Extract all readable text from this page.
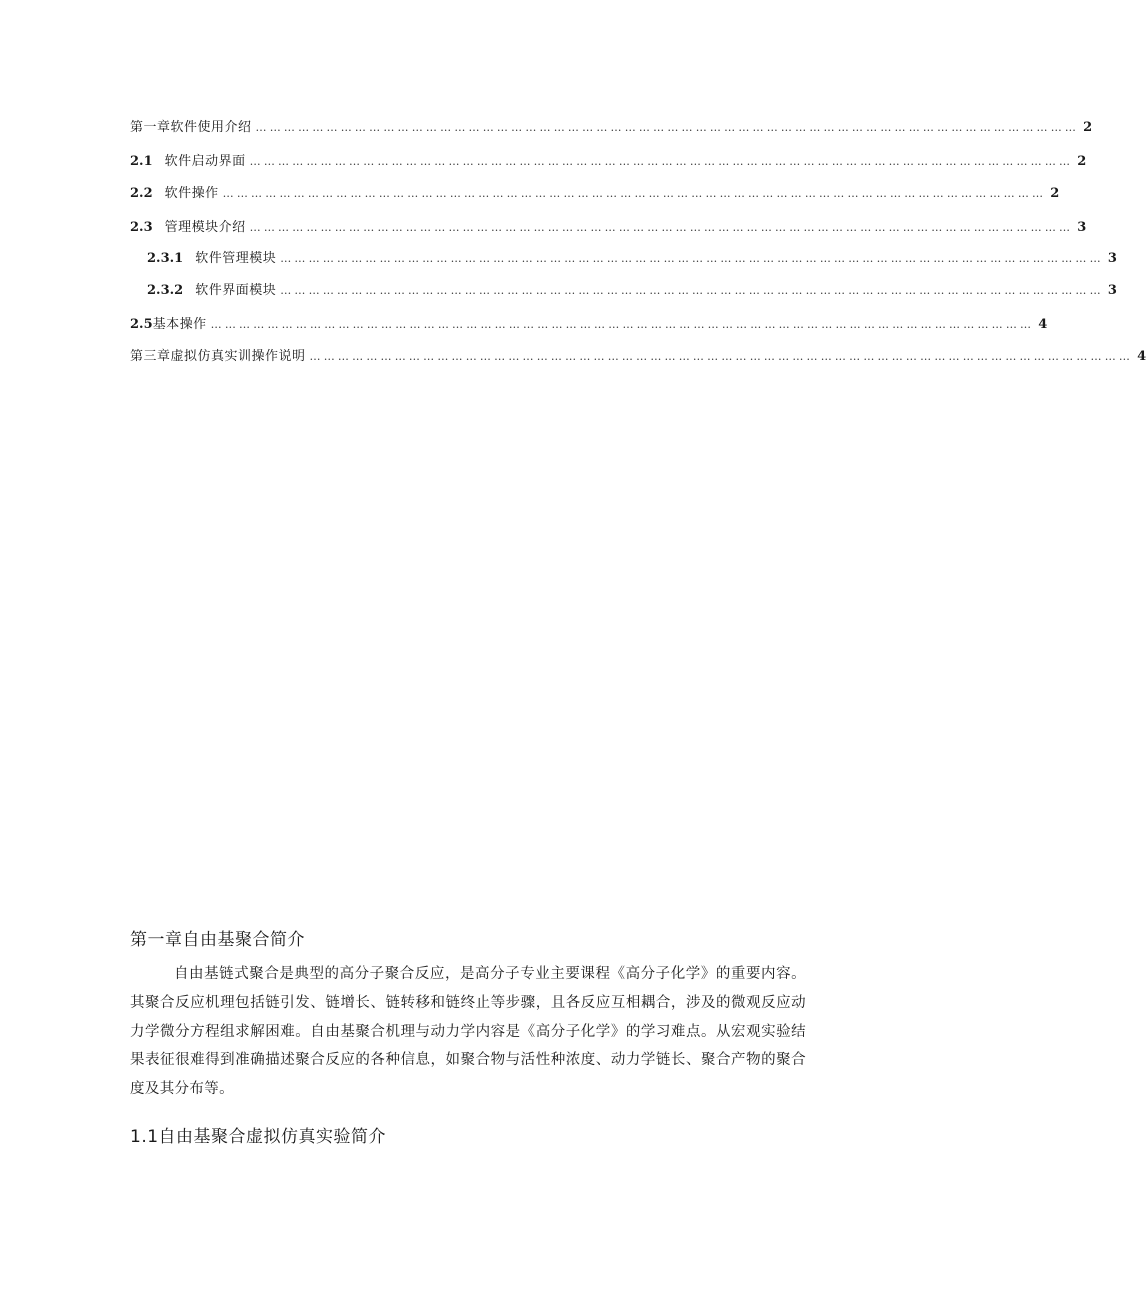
第一章软件使用介绍 ………………………………………………………………………………………………………………………………………………………… 2
2.1 软件启动界面 ………………………………………………………………………………………………………………………………………………………… 2
2.2 软件操作 ………………………………………………………………………………………………………………………………………………………… 2
2.3 管理模块介绍 ………………………………………………………………………………………………………………………………………………………… 3
2.3.1 软件管理模块 ………………………………………………………………………………………………………………………………………………………… 3
2.3.2 软件界面模块 ………………………………………………………………………………………………………………………………………………………… 3
2.5 基本操作 ………………………………………………………………………………………………………………………………………………………… 4
第三章虚拟仿真实训操作说明 ………………………………………………………………………………………………………………………………………………………… 4
第一章自由基聚合简介

自由基链式聚合是典型的高分子聚合反应，是高分子专业主要课程《高分子化学》的重要内容。其聚合反应机理包括链引发、链增长、链转移和链终止等步骤，且各反应互相耦合，涉及的微观反应动力学微分方程组求解困难。自由基聚合机理与动力学内容是《高分子化学》的学习难点。从宏观实验结果表征很难得到准确描述聚合反应的各种信息，如聚合物与活性种浓度、动力学链长、聚合产物的聚合度及其分布等。

1.1自由基聚合虚拟仿真实验简介
